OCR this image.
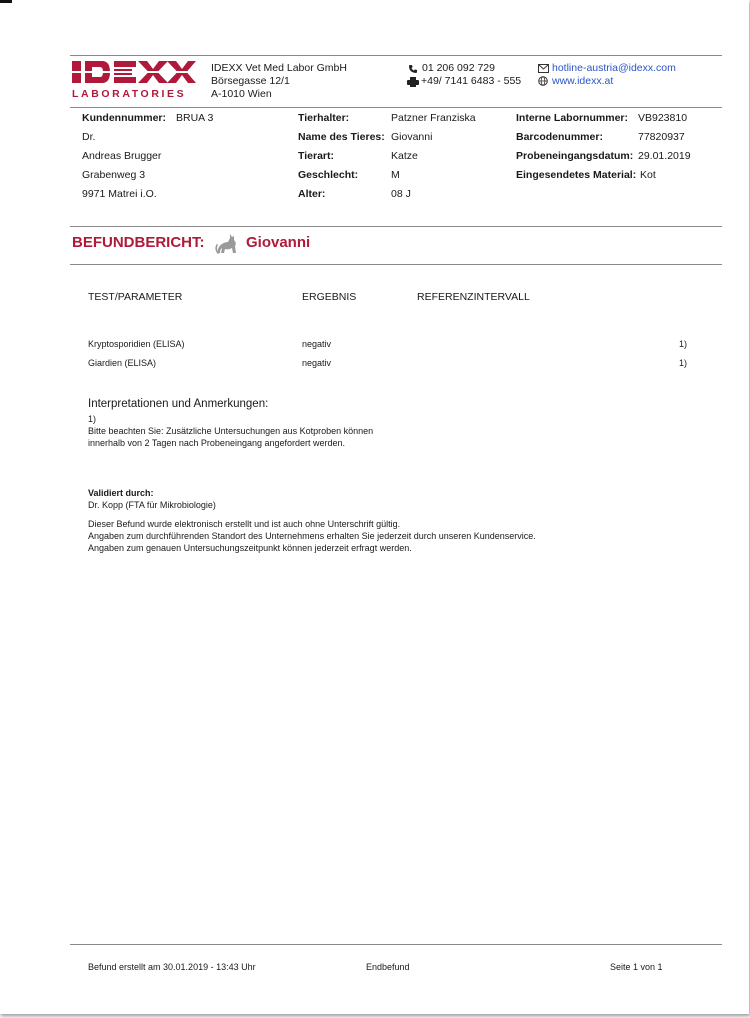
LABORATORIES
IDEXX Vet Med Labor GmbH
Börsegasse 12/1
A-1010 Wien
01 206 092 729
+49/ 7141 6483 - 555
hotline-austria@idexx.com
www.idexx.at
Kundennummer: BRUA 3
Dr.
Andreas Brugger
Grabenweg 3
9971 Matrei i.O.
Tierhalter:	Patzner Franziska
Name des Tieres: Giovanni
Tierart:	Katze
Geschlecht:	M
Alter:	08 J
Interne Labornummer: VB923810
Barcodenummer:	77820937
Probeneingangsdatum: 29.01.2019
Eingesendetes Material: Kot
BEFUNDBERICHT:	Giovanni
TEST/PARAMETER	ERGEBNIS	REFERENZINTERVALL
Kryptosporidien (ELISA)	negativ	1)
Giardien (ELISA)	negativ	1)
Interpretationen und Anmerkungen:
1)
Bitte beachten Sie: Zusätzliche Untersuchungen aus Kotproben können
innerhalb von 2 Tagen nach Probeneingang angefordert werden.
Validiert durch:
Dr. Kopp (FTA für Mikrobiologie)
Dieser Befund wurde elektronisch erstellt und ist auch ohne Unterschrift gültig.
Angaben zum durchführenden Standort des Unternehmens erhalten Sie jederzeit durch unseren Kundenservice.
Angaben zum genauen Untersuchungszeitpunkt können jederzeit erfragt werden.
Befund erstellt am 30.01.2019 - 13:43 Uhr	Endbefund	Seite 1 von 1
